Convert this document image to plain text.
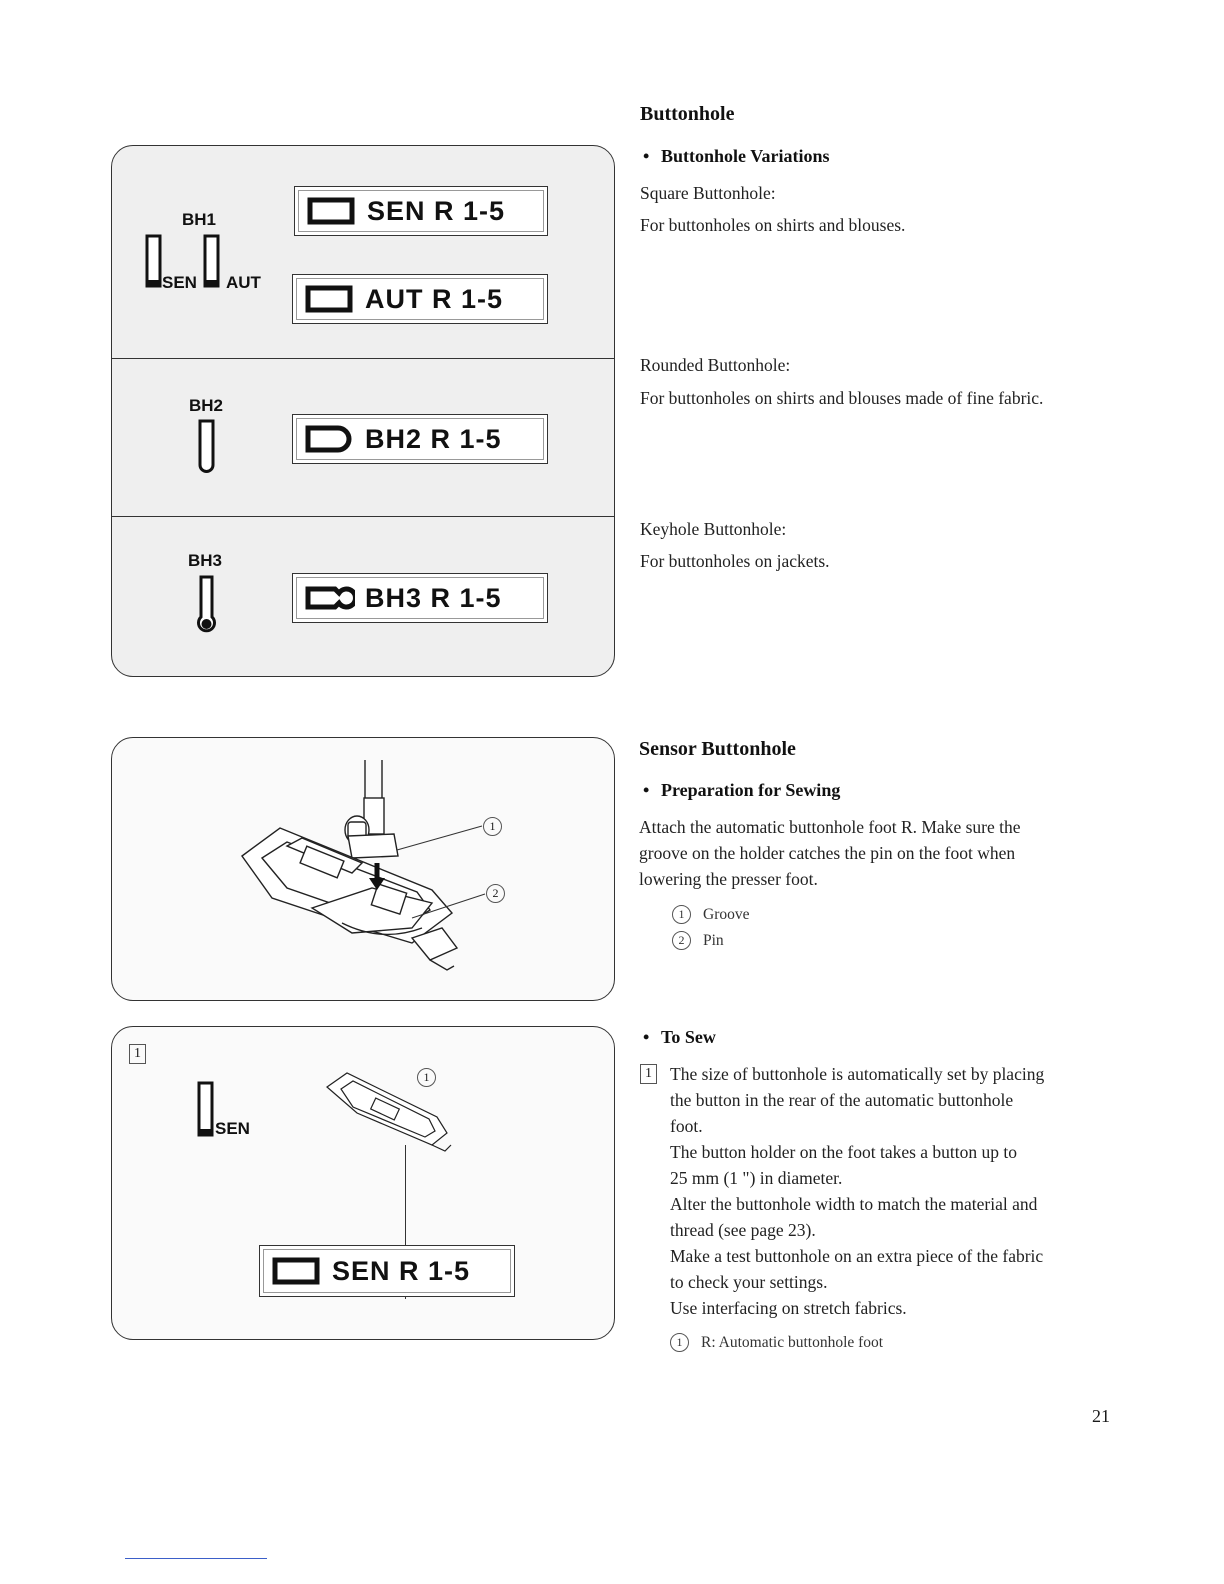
BH1
SEN AUT
SEN R 1-5
AUT R 1-5
BH2
BH2 R 1-5
BH3
BH3 R 1-5
1
2
1
SEN
1
SEN R 1-5
Buttonhole
• Buttonhole Variations
Square Buttonhole:
For buttonholes on shirts and blouses.
Rounded Buttonhole:
For buttonholes on shirts and blouses made of fine fabric.
Keyhole Buttonhole:
For buttonholes on jackets.
Sensor Buttonhole
• Preparation for Sewing
Attach the automatic buttonhole foot R. Make sure the
groove on the holder catches the pin on the foot when
lowering the presser foot.
1 Groove
2 Pin
• To Sew
1 The size of buttonhole is automatically set by placing
the button in the rear of the automatic buttonhole
foot.
The button holder on the foot takes a button up to
25 mm (1 ") in diameter.
Alter the buttonhole width to match the material and
thread (see page 23).
Make a test buttonhole on an extra piece of the fabric
to check your settings.
Use interfacing on stretch fabrics.
1 R: Automatic buttonhole foot
21
